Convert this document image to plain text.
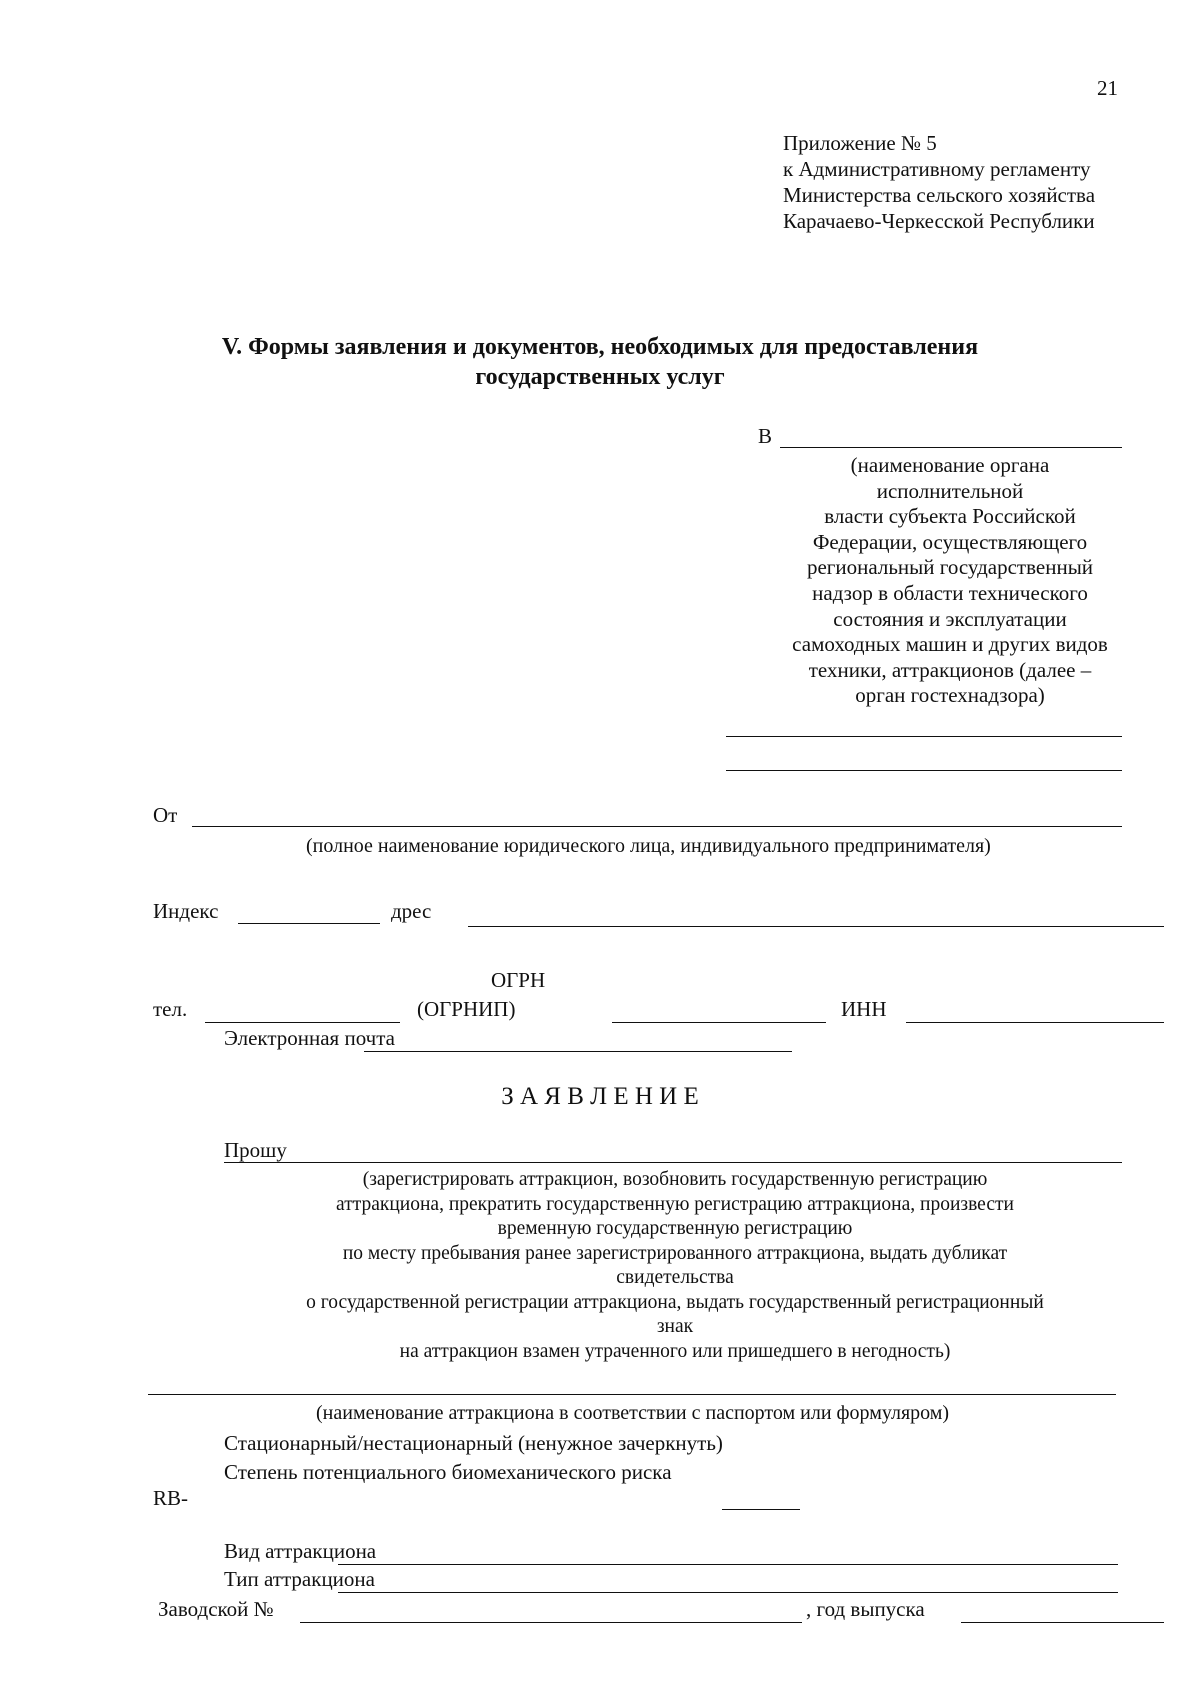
21
Приложение № 5
к Административному регламенту
Министерства сельского хозяйства
Карачаево-Черкесской Республики
V. Формы заявления и документов, необходимых для предоставления
государственных услуг
В
(наименование органа
исполнительной
власти субъекта Российской
Федерации, осуществляющего
региональный государственный
надзор в области технического
состояния и эксплуатации
самоходных машин и других видов
техники, аттракционов (далее –
орган гостехнадзора)
От
(полное наименование юридического лица, индивидуального предпринимателя)
Индекс	дрес
ОГРН
тел.	(ОГРНИП)	ИНН
Электронная почта
З А Я В Л Е Н И Е
Прошу
(зарегистрировать аттракцион, возобновить государственную регистрацию
аттракциона, прекратить государственную регистрацию аттракциона, произвести
временную государственную регистрацию
по месту пребывания ранее зарегистрированного аттракциона, выдать дубликат
свидетельства
о государственной регистрации аттракциона, выдать государственный регистрационный
знак
на аттракцион взамен утраченного или пришедшего в негодность)
(наименование аттракциона в соответствии с паспортом или формуляром)
Стационарный/нестационарный (ненужное зачеркнуть)
Степень потенциального биомеханического риска
RB-
Вид аттракциона
Тип аттракциона
Заводской №	, год выпуска
